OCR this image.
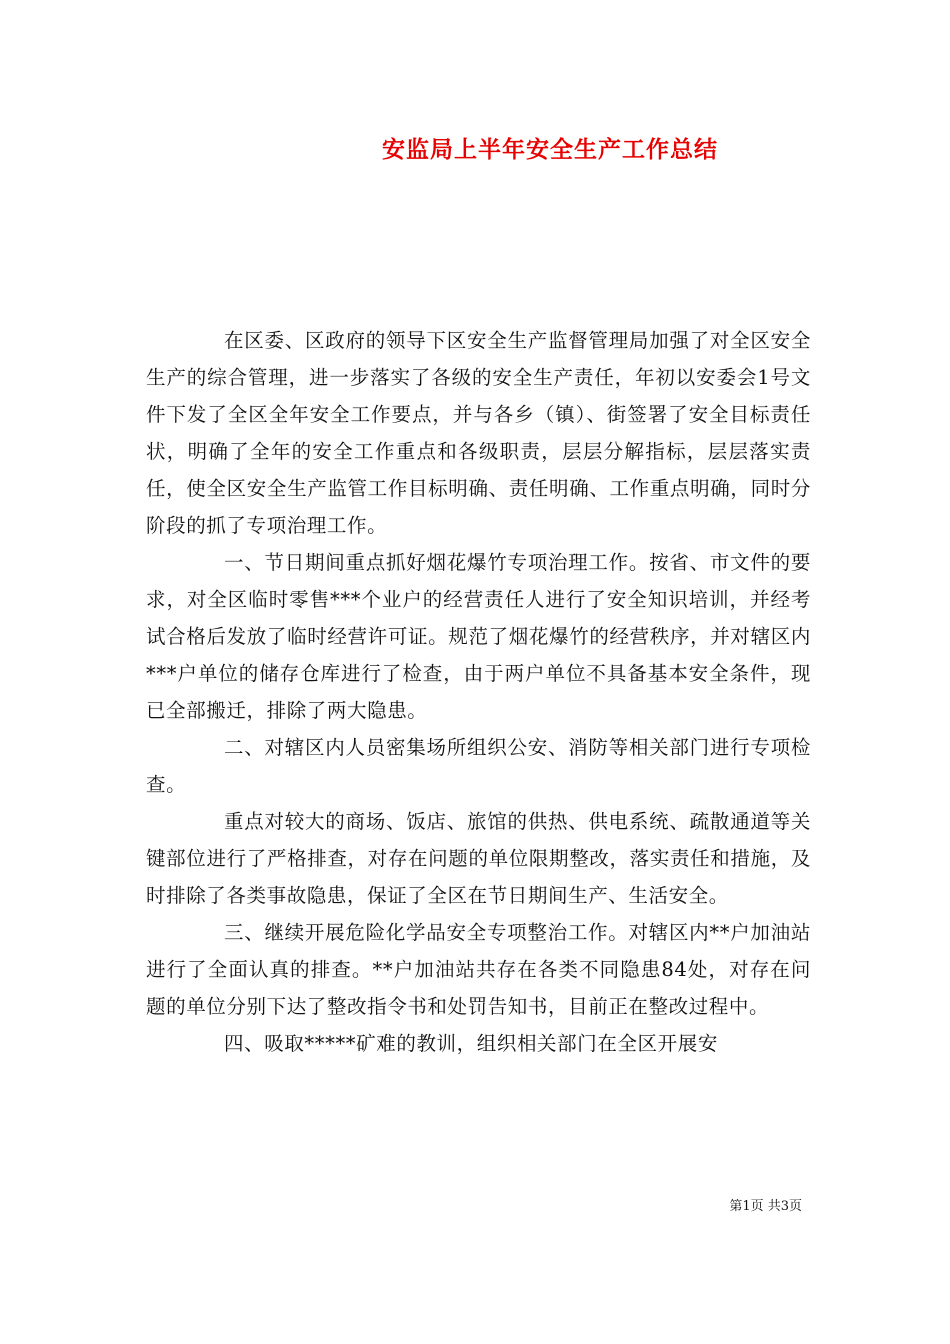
安监局上半年安全生产工作总结

在区委、区政府的领导下区安全生产监督管理局加强了对全区安全生产的综合管理，进一步落实了各级的安全生产责任，年初以安委会1号文件下发了全区全年安全工作要点，并与各乡（镇）、街签署了安全目标责任状，明确了全年的安全工作重点和各级职责，层层分解指标，层层落实责任，使全区安全生产监管工作目标明确、责任明确、工作重点明确，同时分阶段的抓了专项治理工作。

一、节日期间重点抓好烟花爆竹专项治理工作。按省、市文件的要求，对全区临时零售***个业户的经营责任人进行了安全知识培训，并经考试合格后发放了临时经营许可证。规范了烟花爆竹的经营秩序，并对辖区内***户单位的储存仓库进行了检查，由于两户单位不具备基本安全条件，现已全部搬迁，排除了两大隐患。

二、对辖区内人员密集场所组织公安、消防等相关部门进行专项检查。

重点对较大的商场、饭店、旅馆的供热、供电系统、疏散通道等关键部位进行了严格排查，对存在问题的单位限期整改，落实责任和措施，及时排除了各类事故隐患，保证了全区在节日期间生产、生活安全。

三、继续开展危险化学品安全专项整治工作。对辖区内**户加油站进行了全面认真的排查。**户加油站共存在各类不同隐患84处，对存在问题的单位分别下达了整改指令书和处罚告知书，目前正在整改过程中。

四、吸取*****矿难的教训，组织相关部门在全区开展安

第1页 共3页
